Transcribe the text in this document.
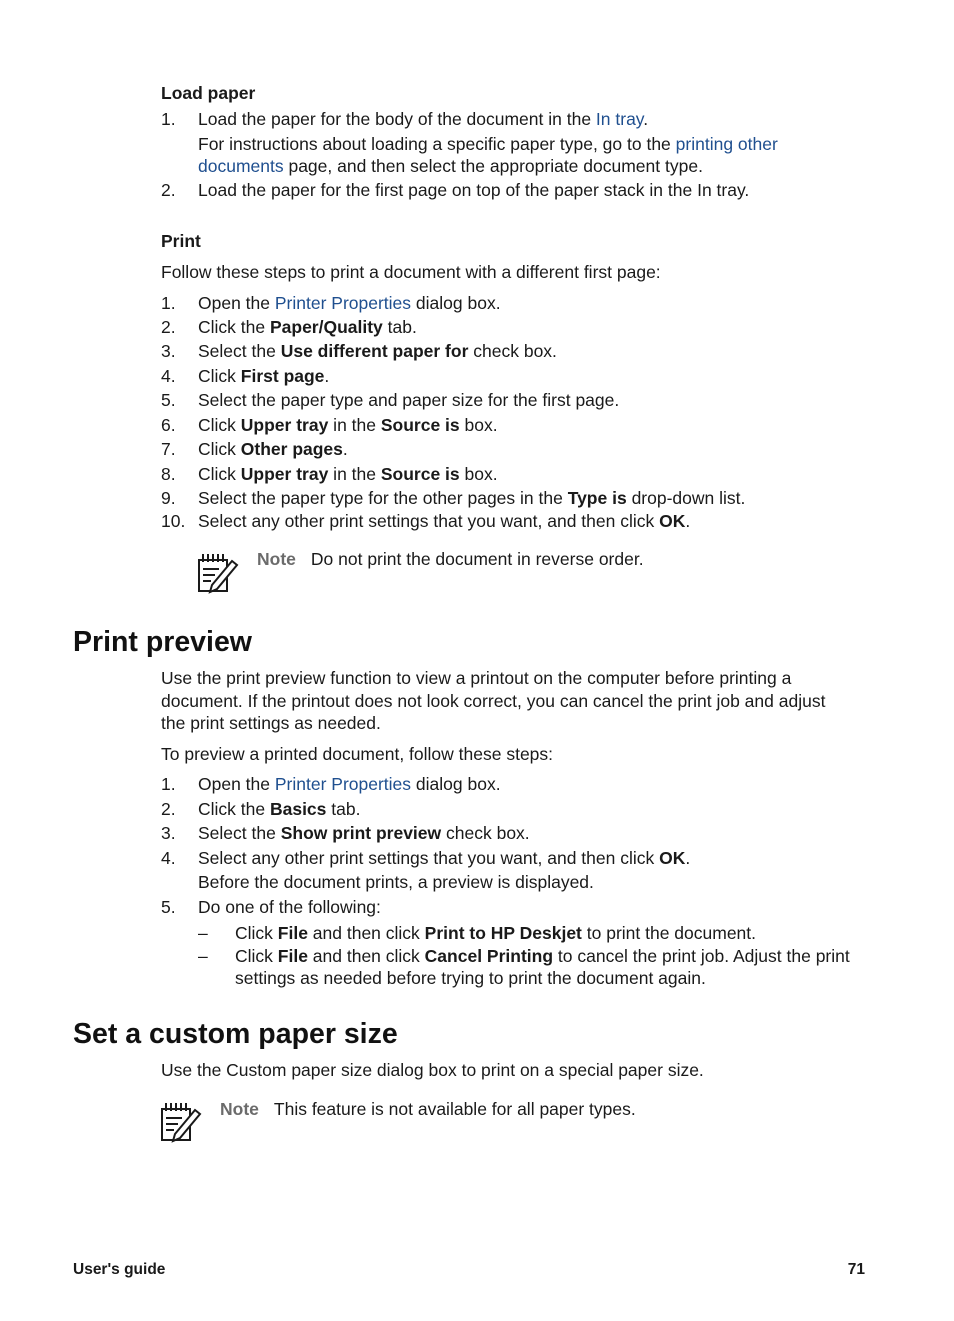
Load paper
1. Load the paper for the body of the document in the In tray.
For instructions about loading a specific paper type, go to the printing other
documents page, and then select the appropriate document type.
2. Load the paper for the first page on top of the paper stack in the In tray.
Print
Follow these steps to print a document with a different first page:
1. Open the Printer Properties dialog box.
2. Click the Paper/Quality tab.
3. Select the Use different paper for check box.
4. Click First page.
5. Select the paper type and paper size for the first page.
6. Click Upper tray in the Source is box.
7. Click Other pages.
8. Click Upper tray in the Source is box.
9. Select the paper type for the other pages in the Type is drop-down list.
10. Select any other print settings that you want, and then click OK.
Note Do not print the document in reverse order.
Print preview
Use the print preview function to view a printout on the computer before printing a
document. If the printout does not look correct, you can cancel the print job and adjust
the print settings as needed.
To preview a printed document, follow these steps:
1. Open the Printer Properties dialog box.
2. Click the Basics tab.
3. Select the Show print preview check box.
4. Select any other print settings that you want, and then click OK.
Before the document prints, a preview is displayed.
5. Do one of the following:
– Click File and then click Print to HP Deskjet to print the document.
– Click File and then click Cancel Printing to cancel the print job. Adjust the print
settings as needed before trying to print the document again.
Set a custom paper size
Use the Custom paper size dialog box to print on a special paper size.
Note This feature is not available for all paper types.
User's guide	71
